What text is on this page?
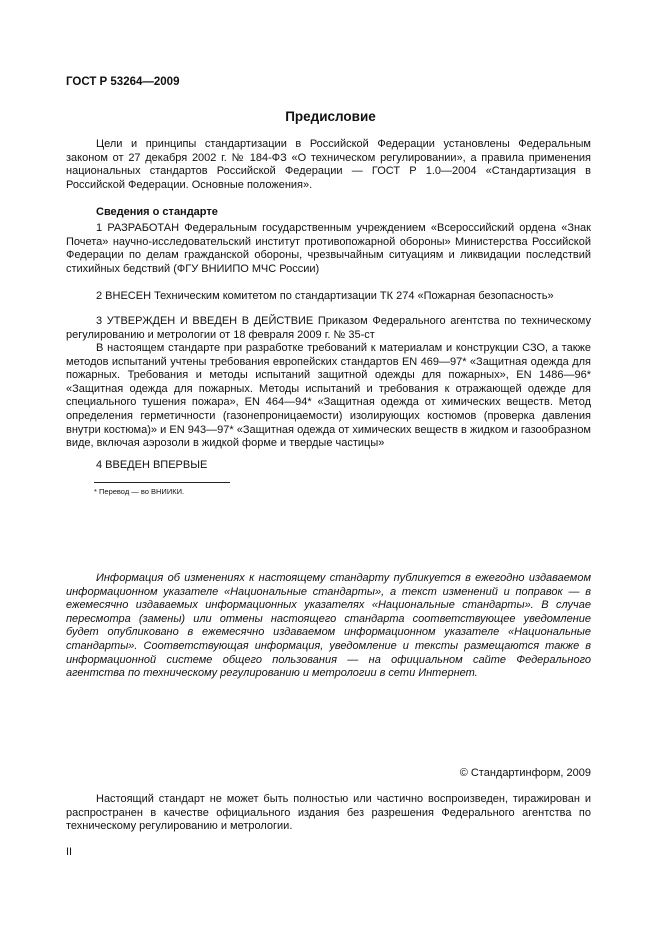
ГОСТ Р 53264—2009
Предисловие

Цели и принципы стандартизации в Российской Федерации установлены Федеральным законом от 27 декабря 2002 г. № 184-ФЗ «О техническом регулировании», а правила применения национальных стандартов Российской Федерации — ГОСТ Р 1.0—2004 «Стандартизация в Российской Федерации. Основные положения».

Сведения о стандарте

1 РАЗРАБОТАН Федеральным государственным учреждением «Всероссийский ордена «Знак Почета» научно-исследовательский институт противопожарной обороны» Министерства Российской Федерации по делам гражданской обороны, чрезвычайным ситуациям и ликвидации последствий стихийных бедствий (ФГУ ВНИИПО МЧС России)

2 ВНЕСЕН Техническим комитетом по стандартизации ТК 274 «Пожарная безопасность»

3 УТВЕРЖДЕН И ВВЕДЕН В ДЕЙСТВИЕ Приказом Федерального агентства по техническому регулированию и метрологии от 18 февраля 2009 г. № 35-ст

В настоящем стандарте при разработке требований к материалам и конструкции СЗО, а также методов испытаний учтены требования европейских стандартов EN 469—97* «Защитная одежда для пожарных. Требования и методы испытаний защитной одежды для пожарных», EN 1486—96* «Защитная одежда для пожарных. Методы испытаний и требования к отражающей одежде для специального тушения пожара», EN 464—94* «Защитная одежда от химических веществ. Метод определения герметичности (газонепроницаемости) изолирующих костюмов (проверка давления внутри костюма)» и EN 943—97* «Защитная одежда от химических веществ в жидком и газообразном виде, включая аэрозоли в жидкой форме и твердые частицы»

4 ВВЕДЕН ВПЕРВЫЕ
* Перевод — во ВНИИКИ.

Информация об изменениях к настоящему стандарту публикуется в ежегодно издаваемом информационном указателе «Национальные стандарты», а текст изменений и поправок — в ежемесячно издаваемых информационных указателях «Национальные стандарты». В случае пересмотра (замены) или отмены настоящего стандарта соответствующее уведомление будет опубликовано в ежемесячно издаваемом информационном указателе «Национальные стандарты». Соответствующая информация, уведомление и тексты размещаются также в информационной системе общего пользования — на официальном сайте Федерального агентства по техническому регулированию и метрологии в сети Интернет.

© Стандартинформ, 2009

Настоящий стандарт не может быть полностью или частично воспроизведен, тиражирован и распространен в качестве официального издания без разрешения Федерального агентства по техническому регулированию и метрологии.

II
